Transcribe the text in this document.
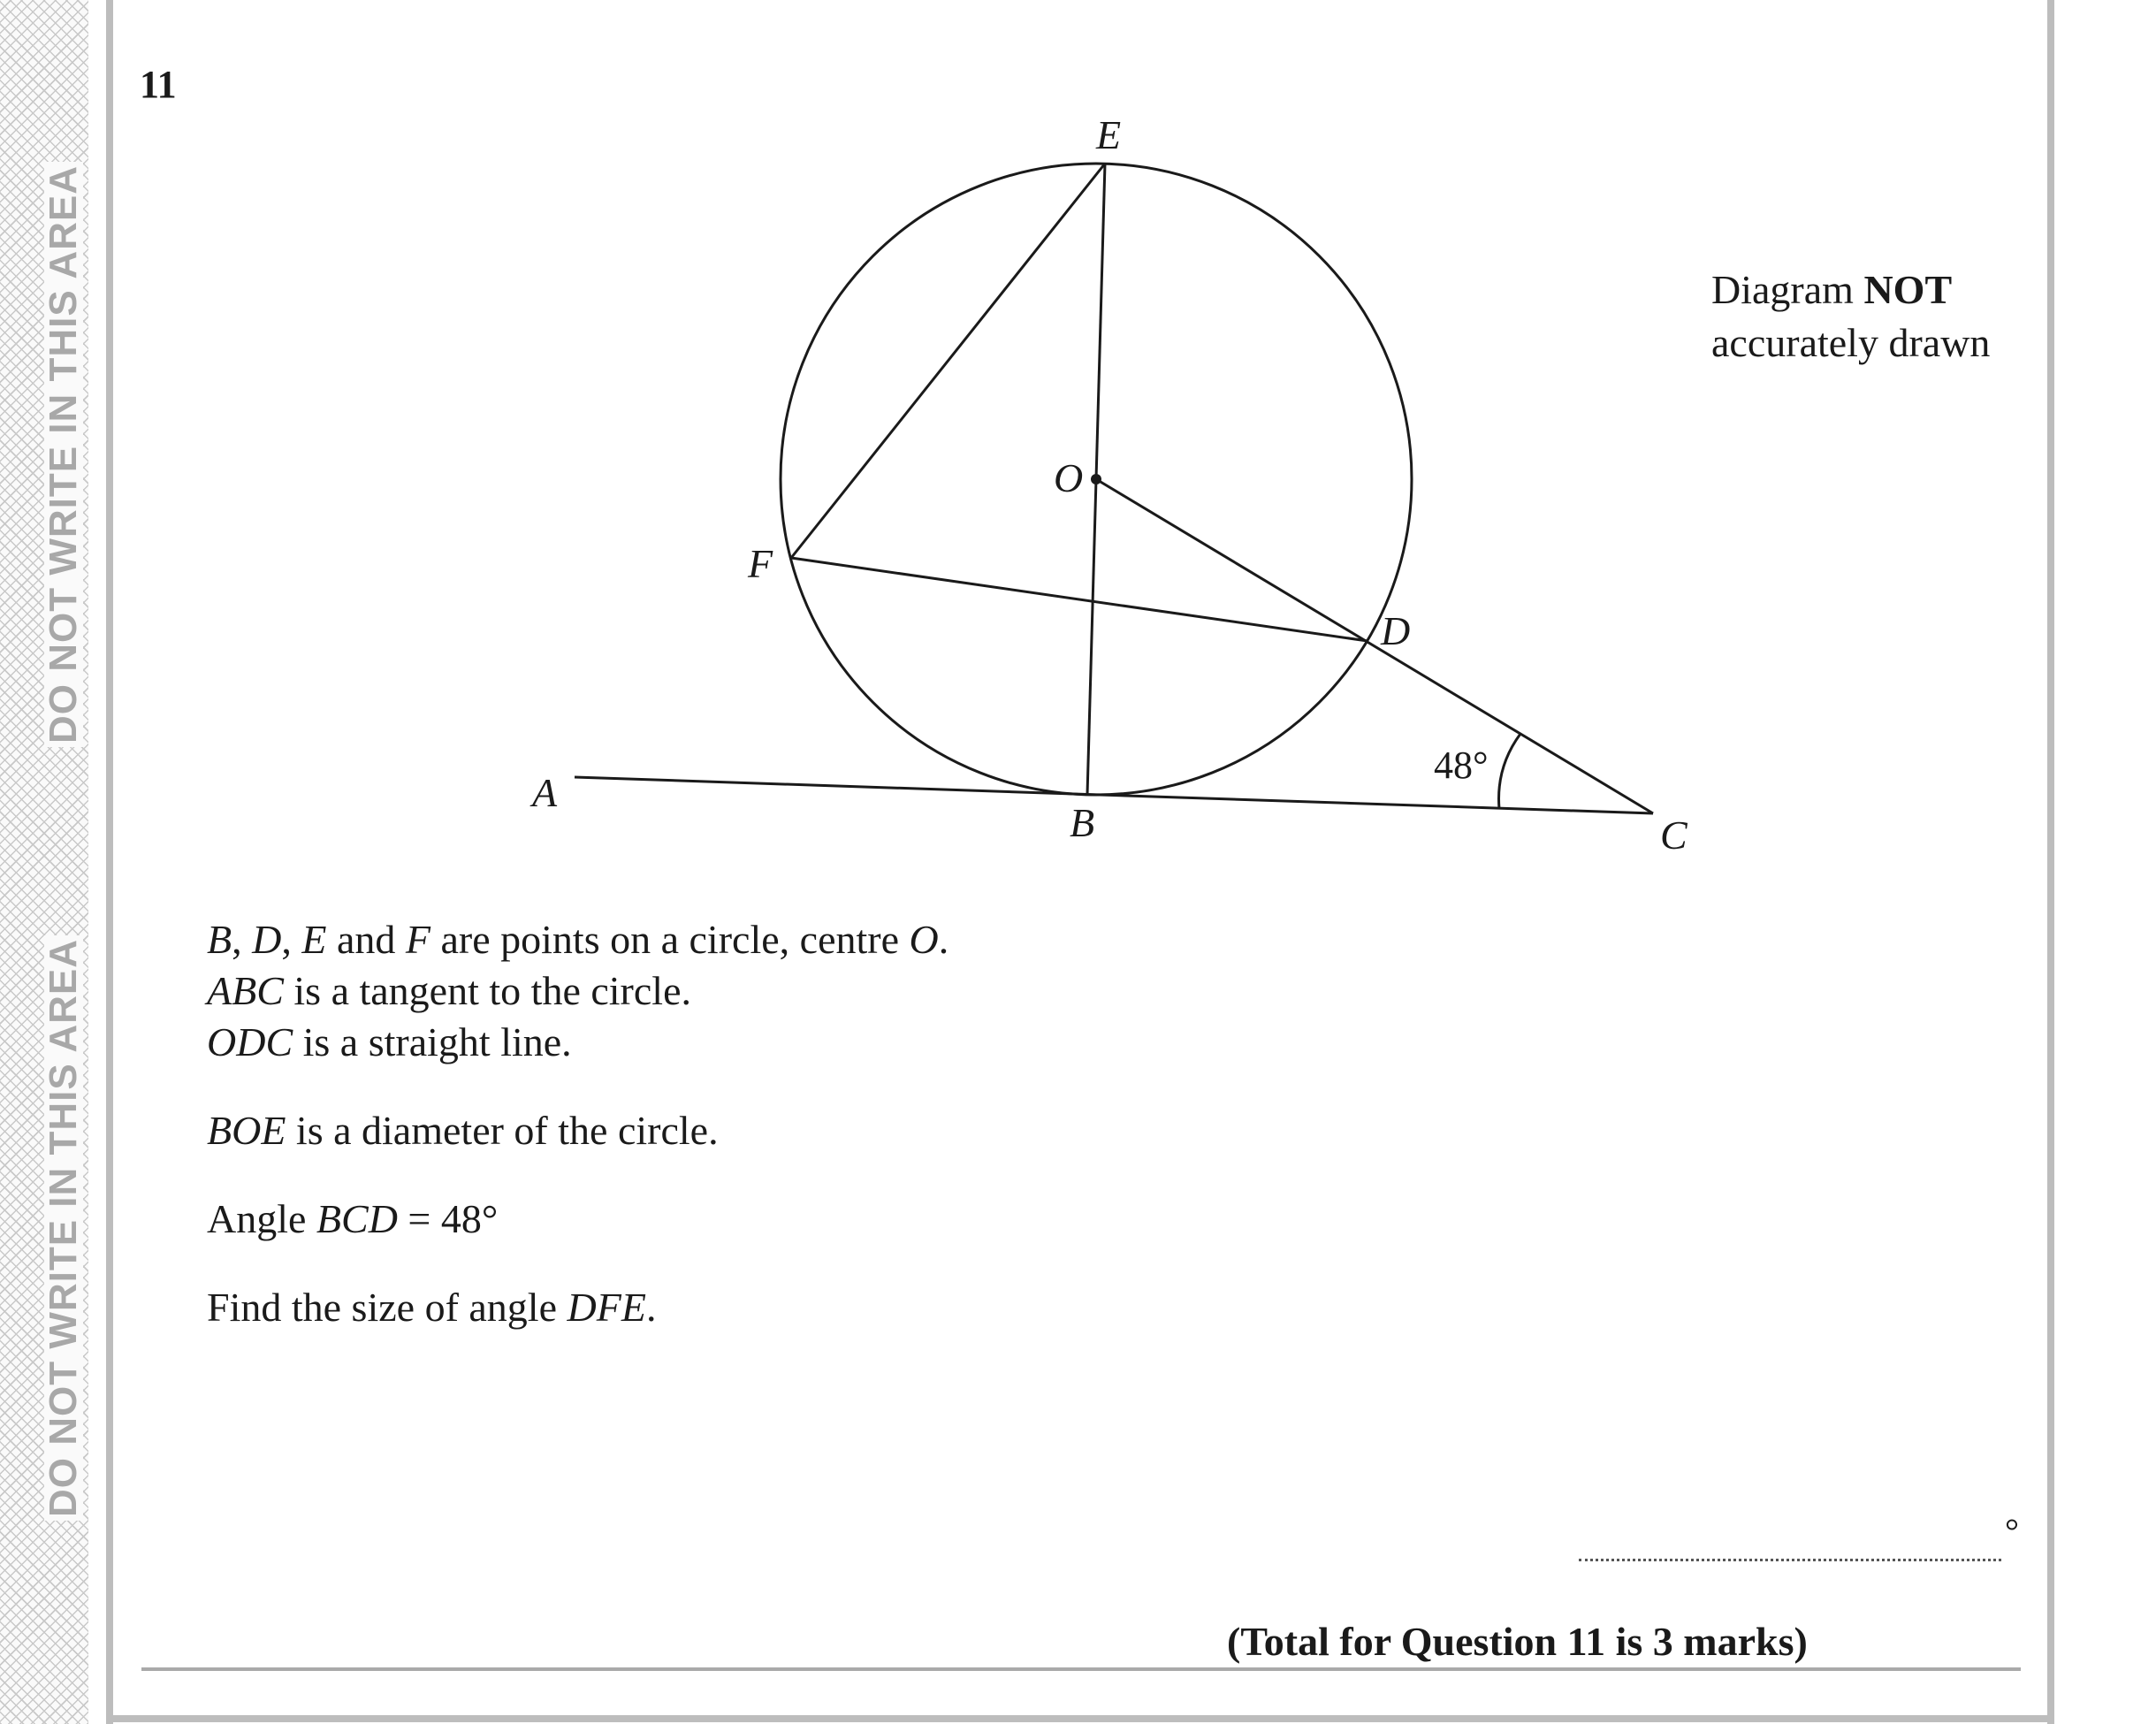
DO NOT WRITE IN THIS AREA
DO NOT WRITE IN THIS AREA
11
Diagram NOT
accurately drawn
E
O
F
D
A
B	C
48°
B, D, E and F are points on a circle, centre O.
ABC is a tangent to the circle.
ODC is a straight line.
BOE is a diameter of the circle.
Angle BCD = 48°
Find the size of angle DFE.
°
(Total for Question 11 is 3 marks)
